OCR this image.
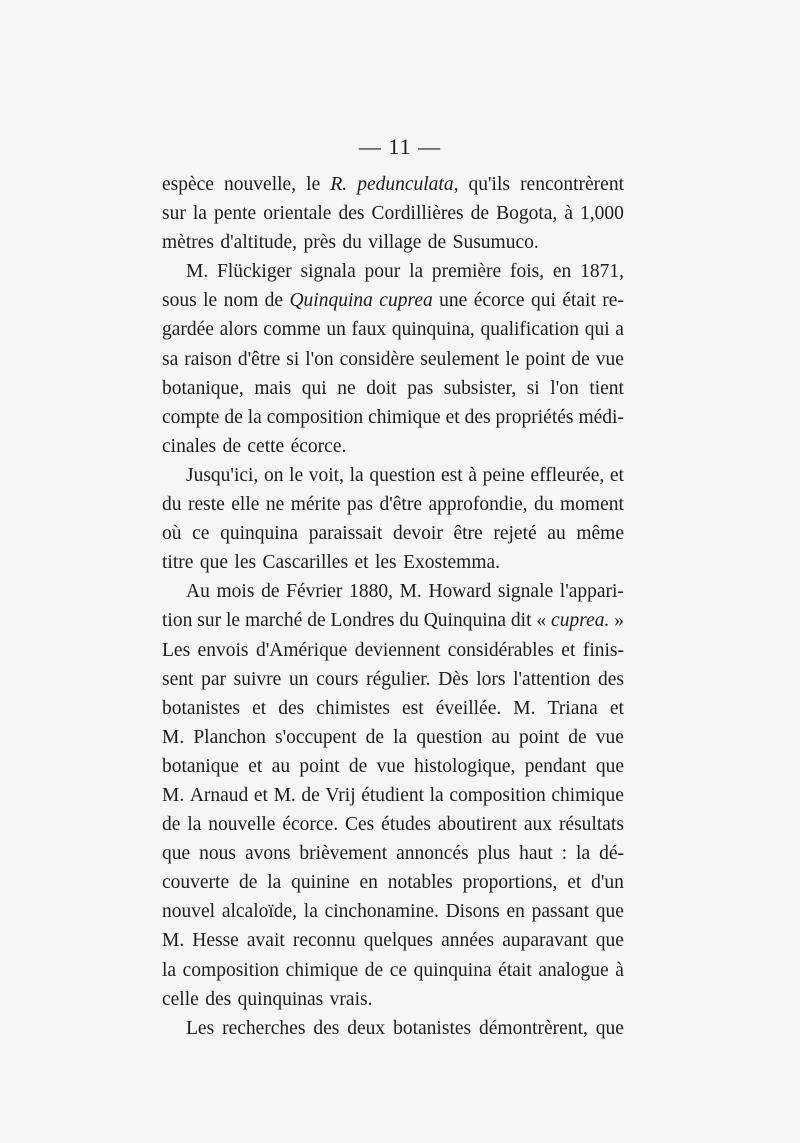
— 11 —
espèce nouvelle, le R. pedunculata, qu'ils rencontrèrent
sur la pente orientale des Cordillières de Bogota, à 1,000
mètres d'altitude, près du village de Susumuco.
M. Flückiger signala pour la première fois, en 1871,
sous le nom de Quinquina cuprea une écorce qui était re-
gardée alors comme un faux quinquina, qualification qui a
sa raison d'être si l'on considère seulement le point de vue
botanique, mais qui ne doit pas subsister, si l'on tient
compte de la composition chimique et des propriétés médi-
cinales de cette écorce.
Jusqu'ici, on le voit, la question est à peine effleurée, et
du reste elle ne mérite pas d'être approfondie, du moment
où ce quinquina paraissait devoir être rejeté au même
titre que les Cascarilles et les Exostemma.
Au mois de Février 1880, M. Howard signale l'appari-
tion sur le marché de Londres du Quinquina dit « cuprea. »
Les envois d'Amérique deviennent considérables et finis-
sent par suivre un cours régulier. Dès lors l'attention des
botanistes et des chimistes est éveillée. M. Triana et
M. Planchon s'occupent de la question au point de vue
botanique et au point de vue histologique, pendant que
M. Arnaud et M. de Vrij étudient la composition chimique
de la nouvelle écorce. Ces études aboutirent aux résultats
que nous avons brièvement annoncés plus haut : la dé-
couverte de la quinine en notables proportions, et d'un
nouvel alcaloïde, la cinchonamine. Disons en passant que
M. Hesse avait reconnu quelques années auparavant que
la composition chimique de ce quinquina était analogue à
celle des quinquinas vrais.
Les recherches des deux botanistes démontrèrent, que
